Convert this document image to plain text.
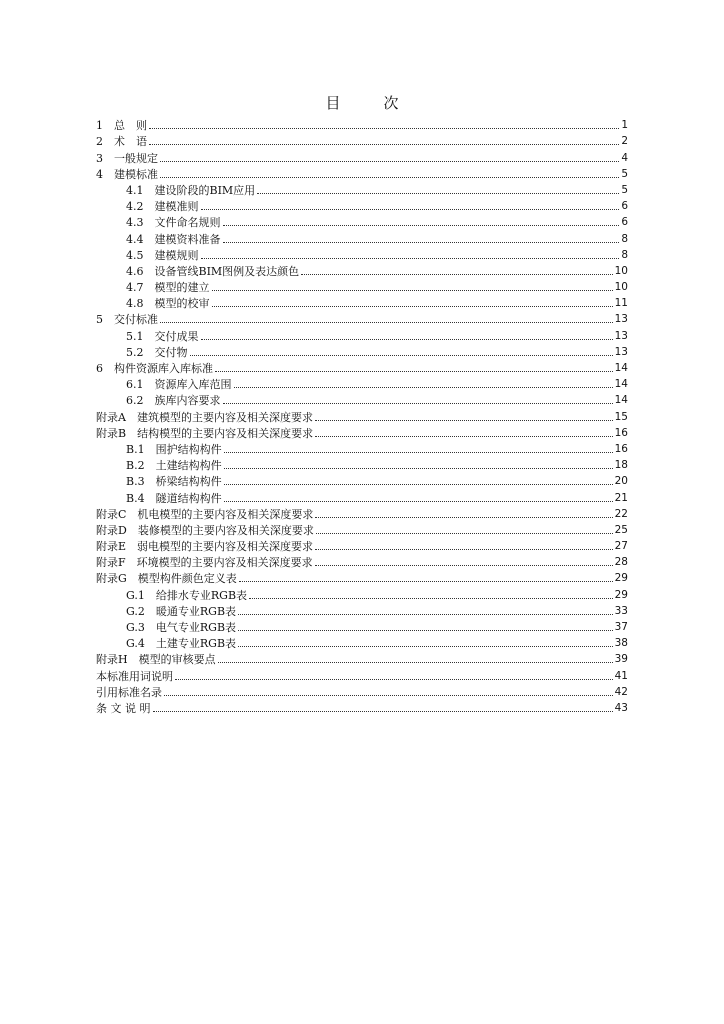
目　次
1　总　则	1
2　术　语	2
3　一般规定	4
4　建模标准	5
4.1　建设阶段的BIM应用	5
4.2　建模准则	6
4.3　文件命名规则	6
4.4　建模资料准备	8
4.5　建模规则	8
4.6　设备管线BIM图例及表达颜色	10
4.7　模型的建立	10
4.8　模型的校审	11
5　交付标准	13
5.1　交付成果	13
5.2　交付物	13
6　构件资源库入库标准	14
6.1　资源库入库范围	14
6.2　族库内容要求	14
附录A　建筑模型的主要内容及相关深度要求	15
附录B　结构模型的主要内容及相关深度要求	16
B.1　围护结构构件	16
B.2　土建结构构件	18
B.3　桥梁结构构件	20
B.4　隧道结构构件	21
附录C　机电模型的主要内容及相关深度要求	22
附录D　装修模型的主要内容及相关深度要求	25
附录E　弱电模型的主要内容及相关深度要求	27
附录F　环境模型的主要内容及相关深度要求	28
附录G　模型构件颜色定义表	29
G.1　给排水专业RGB表	29
G.2　暖通专业RGB表	33
G.3　电气专业RGB表	37
G.4　土建专业RGB表	38
附录H　模型的审核要点	39
本标准用词说明	41
引用标准名录	42
条 文 说 明	43
